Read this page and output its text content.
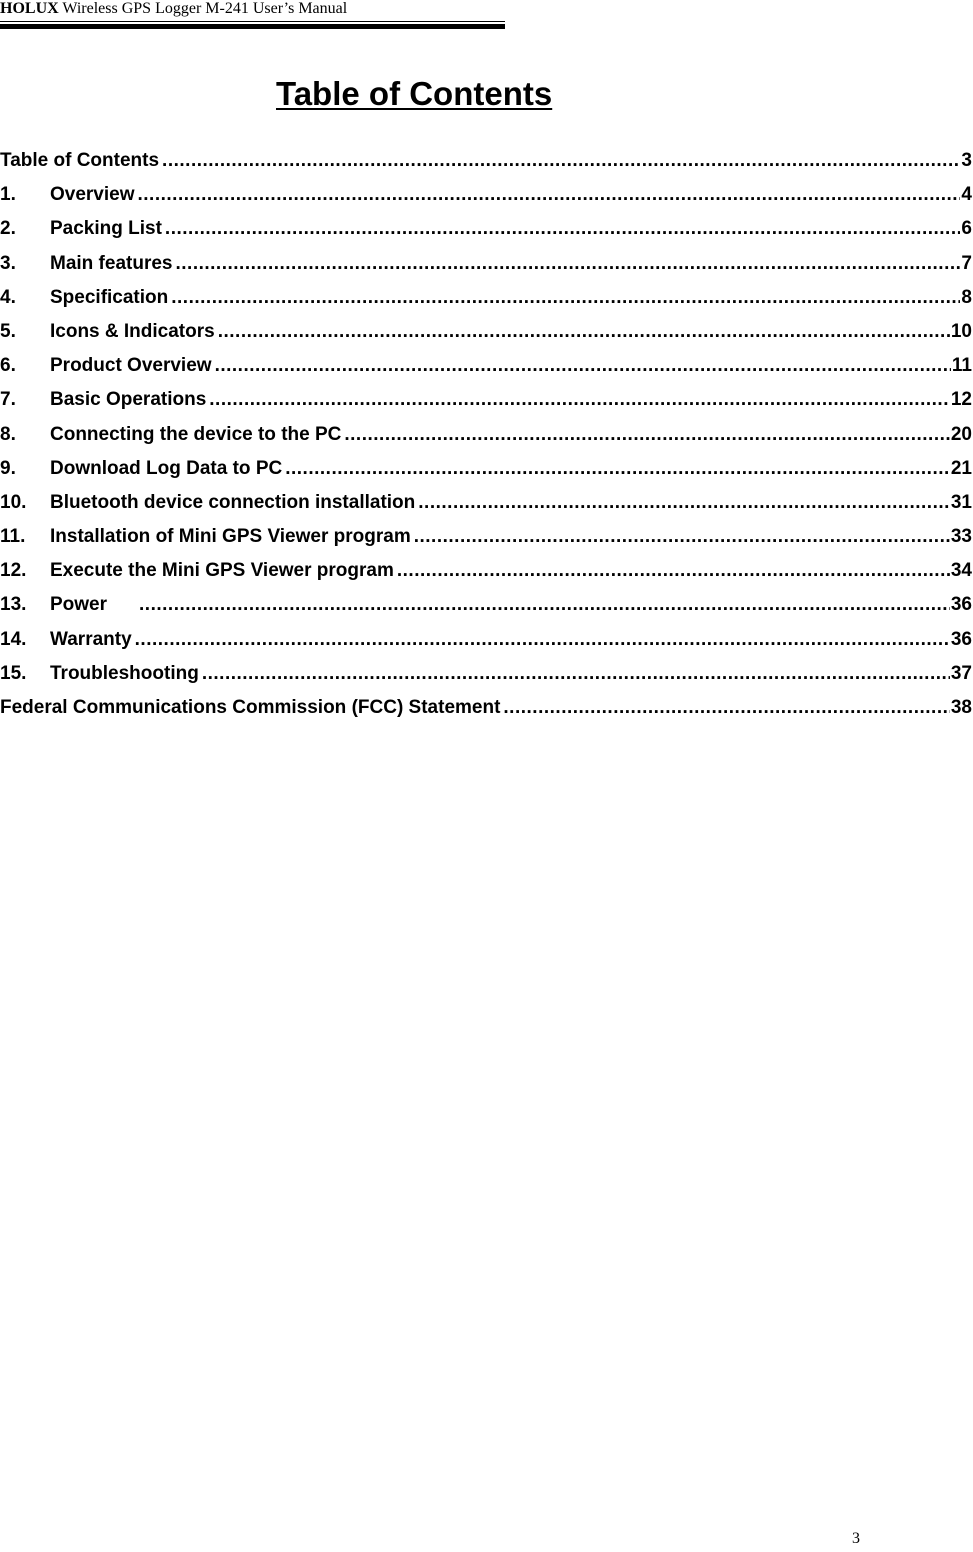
HOLUX Wireless GPS Logger M-241 User’s Manual
Table of Contents
Table of Contents .....	3
1.	Overview .....	4
2.	Packing List .....	6
3.	Main features .....	7
4.	Specification .....	8
5.	Icons & Indicators .....	10
6.	Product Overview .....	11
7.	Basic Operations .....	12
8.	Connecting the device to the PC .....	20
9.	Download Log Data to PC .....	21
10.	Bluetooth device connection installation .....	31
11.	Installation of Mini GPS Viewer program .....	33
12.	Execute the Mini GPS Viewer program .....	34
13.	Power .....	36
14.	Warranty .....	36
15.	Troubleshooting .....	37
Federal Communications Commission (FCC) Statement .....	38
3
